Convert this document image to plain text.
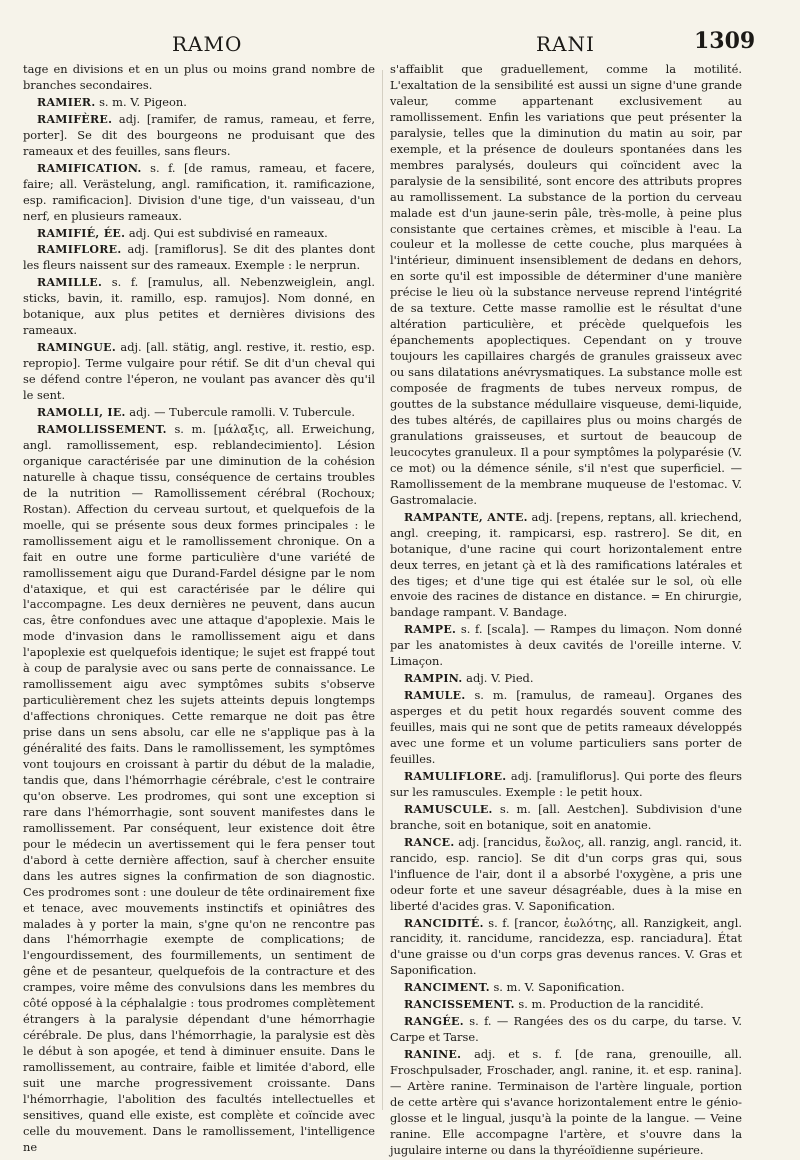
RAMO	RANI	1309

tage en divisions et en un plus ou moins grand nombre de branches secondaires.

RAMIER. s. m. V. Pigeon.

RAMIFÈRE. adj. [ramifer, de ramus, rameau, et ferre, porter]. Se dit des bourgeons ne produisant que des rameaux et des feuilles, sans fleurs.

RAMIFICATION. s. f. [de ramus, rameau, et facere, faire; all. Verästelung, angl. ramification, it. ramificazione, esp. ramificacion]. Division d'une tige, d'un vaisseau, d'un nerf, en plusieurs rameaux.

RAMIFIÉ, ÉE. adj. Qui est subdivisé en rameaux.

RAMIFLORE. adj. [ramiflorus]. Se dit des plantes dont les fleurs naissent sur des rameaux. Exemple : le nerprun.

RAMILLE. s. f. [ramulus, all. Nebenzweiglein, angl. sticks, bavin, it. ramillo, esp. ramujos]. Nom donné, en botanique, aux plus petites et dernières divisions des rameaux.

RAMINGUE. adj. [all. stätig, angl. restive, it. restio, esp. repropio]. Terme vulgaire pour rétif. Se dit d'un cheval qui se défend contre l'éperon, ne voulant pas avancer dès qu'il le sent.

RAMOLLI, IE. adj. — Tubercule ramolli. V. Tubercule.

RAMOLLISSEMENT. s. m. [μάλαξις, all. Erweichung, angl. ramollissement, esp. reblandecimiento]. Lésion organique caractérisée par une diminution de la cohésion naturelle à chaque tissu, conséquence de certains troubles de la nutrition — Ramollissement cérébral (Rochoux; Rostan). Affection du cerveau surtout, et quelquefois de la moelle, qui se présente sous deux formes principales : le ramollissement aigu et le ramollissement chronique. On a fait en outre une forme particulière d'une variété de ramollissement aigu que Durand-Fardel désigne par le nom d'ataxique, et qui est caractérisée par le délire qui l'accompagne. Les deux dernières ne peuvent, dans aucun cas, être confondues avec une attaque d'apoplexie. Mais le mode d'invasion dans le ramollissement aigu et dans l'apoplexie est quelquefois identique; le sujet est frappé tout à coup de paralysie avec ou sans perte de connaissance. Le ramollissement aigu avec symptômes subits s'observe particulièrement chez les sujets atteints depuis longtemps d'affections chroniques. Cette remarque ne doit pas être prise dans un sens absolu, car elle ne s'applique pas à la généralité des faits. Dans le ramollissement, les symptômes vont toujours en croissant à partir du début de la maladie, tandis que, dans l'hémorrhagie cérébrale, c'est le contraire qu'on observe. Les prodromes, qui sont une exception si rare dans l'hémorrhagie, sont souvent manifestes dans le ramollissement. Par conséquent, leur existence doit être pour le médecin un avertissement qui le fera penser tout d'abord à cette dernière affection, sauf à chercher ensuite dans les autres signes la confirmation de son diagnostic. Ces prodromes sont : une douleur de tête ordinairement fixe et tenace, avec mouvements instinctifs et opiniâtres des malades à y porter la main, s'gne qu'on ne rencontre pas dans l'hémorrhagie exempte de complications; de l'engourdissement, des fourmillements, un sentiment de gêne et de pesanteur, quelquefois de la contracture et des crampes, voire même des convulsions dans les membres du côté opposé à la céphalalgie : tous prodromes complètement étrangers à la paralysie dépendant d'une hémorrhagie cérébrale. De plus, dans l'hémorrhagie, la paralysie est dès le début à son apogée, et tend à diminuer ensuite. Dans le ramollissement, au contraire, faible et limitée d'abord, elle suit une marche progressivement croissante. Dans l'hémorrhagie, l'abolition des facultés intellectuelles et sensitives, quand elle existe, est complète et coïncide avec celle du mouvement. Dans le ramollissement, l'intelligence ne

s'affaiblit que graduellement, comme la motilité. L'exaltation de la sensibilité est aussi un signe d'une grande valeur, comme appartenant exclusivement au ramollissement. Enfin les variations que peut présenter la paralysie, telles que la diminution du matin au soir, par exemple, et la présence de douleurs spontanées dans les membres paralysés, douleurs qui coïncident avec la paralysie de la sensibilité, sont encore des attributs propres au ramollissement. La substance de la portion du cerveau malade est d'un jaune-serin pâle, très-molle, à peine plus consistante que certaines crèmes, et miscible à l'eau. La couleur et la mollesse de cette couche, plus marquées à l'intérieur, diminuent insensiblement de dedans en dehors, en sorte qu'il est impossible de déterminer d'une manière précise le lieu où la substance nerveuse reprend l'intégrité de sa texture. Cette masse ramollie est le résultat d'une altération particulière, et précède quelquefois les épanchements apoplectiques. Cependant on y trouve toujours les capillaires chargés de granules graisseux avec ou sans dilatations anévrysmatiques. La substance molle est composée de fragments de tubes nerveux rompus, de gouttes de la substance médullaire visqueuse, demi-liquide, des tubes altérés, de capillaires plus ou moins chargés de granulations graisseuses, et surtout de beaucoup de leucocytes granuleux. Il a pour symptômes la polyparésie (V. ce mot) ou la démence sénile, s'il n'est que superficiel. — Ramollissement de la membrane muqueuse de l'estomac. V. Gastromalacie.

RAMPANTE, ANTE. adj. [repens, reptans, all. kriechend, angl. creeping, it. rampicarsi, esp. rastrero]. Se dit, en botanique, d'une racine qui court horizontalement entre deux terres, en jetant çà et là des ramifications latérales et des tiges; et d'une tige qui est étalée sur le sol, où elle envoie des racines de distance en distance. = En chirurgie, bandage rampant. V. Bandage.

RAMPE. s. f. [scala]. — Rampes du limaçon. Nom donné par les anatomistes à deux cavités de l'oreille interne. V. Limaçon.

RAMPIN. adj. V. Pied.

RAMULE. s. m. [ramulus, de rameau]. Organes des asperges et du petit houx regardés souvent comme des feuilles, mais qui ne sont que de petits rameaux développés avec une forme et un volume particuliers sans porter de feuilles.

RAMULIFLORE. adj. [ramuliflorus]. Qui porte des fleurs sur les ramuscules. Exemple : le petit houx.

RAMUSCULE. s. m. [all. Aestchen]. Subdivision d'une branche, soit en botanique, soit en anatomie.

RANCE. adj. [rancidus, ἔωλος, all. ranzig, angl. rancid, it. rancido, esp. rancio]. Se dit d'un corps gras qui, sous l'influence de l'air, dont il a absorbé l'oxygène, a pris une odeur forte et une saveur désagréable, dues à la mise en liberté d'acides gras. V. Saponification.

RANCIDITÉ. s. f. [rancor, ἐωλότης, all. Ranzigkeit, angl. rancidity, it. rancidume, rancidezza, esp. ranciadura]. État d'une graisse ou d'un corps gras devenus rances. V. Gras et Saponification.

RANCIMENT. s. m. V. Saponification.

RANCISSEMENT. s. m. Production de la rancidité.

RANGÉE. s. f. — Rangées des os du carpe, du tarse. V. Carpe et Tarse.

RANINE. adj. et s. f. [de rana, grenouille, all. Froschpulsader, Froschader, angl. ranine, it. et esp. ranina]. — Artère ranine. Terminaison de l'artère linguale, portion de cette artère qui s'avance horizontalement entre le génio-glosse et le lingual, jusqu'à la pointe de la langue. — Veine ranine. Elle accompagne l'artère, et s'ouvre dans la jugulaire interne ou dans la thyréoïdienne supérieure.
